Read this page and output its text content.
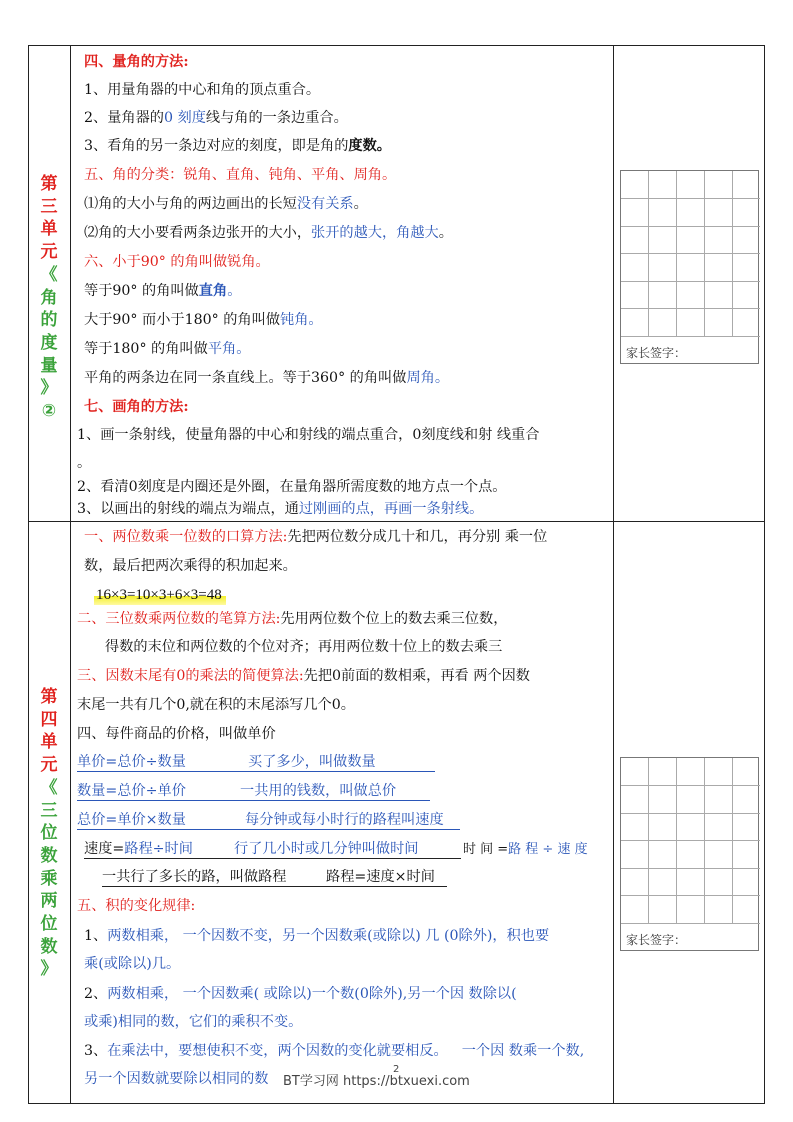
第
三
单
元
《
角
的
度
量
》
②
四、量角的方法:
1、用量角器的中心和角的顶点重合。
2、量角器的0 刻度线与角的一条边重合。
3、看角的另一条边对应的刻度，即是角的度数。
五、角的分类：锐角、直角、钝角、平角、周角。
⑴角的大小与角的两边画出的长短没有关系。
⑵角的大小要看两条边张开的大小，张开的越大，角越大。
六、小于90° 的角叫做锐角。
等于90° 的角叫做直角。
大于90° 而小于180° 的角叫做钝角。
等于180° 的角叫做平角。
平角的两条边在同一条直线上。等于360° 的角叫做周角。
七、画角的方法:
1、画一条射线，使量角器的中心和射线的端点重合，0刻度线和射 线重合
。
2、看清0刻度是内圈还是外圈，在量角器所需度数的地方点一个点。
3、以画出的射线的端点为端点，通过刚画的点，再画一条射线。
家长签字：
第
四
单
元
《
三
位
数
乘
两
位
数
》
一、两位数乘一位数的口算方法:先把两位数分成几十和几，再分别 乘一位
数，最后把两次乘得的积加起来。
16×3=10×3+6×3=48
二、三位数乘两位数的笔算方法:先用两位数个位上的数去乘三位数，
得数的末位和两位数的个位对齐；再用两位数十位上的数去乘三
三、因数末尾有0的乘法的简便算法:先把0前面的数相乘，再看 两个因数
末尾一共有几个0,就在积的末尾添写几个0。
四、每件商品的价格，叫做单价
单价=总价÷数量	买了多少，叫做数量
数量=总价÷单价	一共用的钱数，叫做总价
总价=单价×数量	每分钟或每小时行的路程叫速度
速度=路程÷时间	行了几小时或几分钟叫做时间	时 间 =路 程 ÷ 速 度
一共行了多长的路，叫做路程	路程=速度×时间
五、积的变化规律:
1、两数相乘， 一个因数不变，另一个因数乘(或除以) 几 (0除外)，积也要
乘(或除以)几。
2、两数相乘， 一个因数乘( 或除以)一个数(0除外),另一个因 数除以(
或乘)相同的数，它们的乘积不变。
3、在乘法中，要想使积不变，两个因数的变化就要相反。 一个因 数乘一个数,
另一个因数就要除以相同的数
家长签字：
BT学习网 https://btxuexi.com
2
